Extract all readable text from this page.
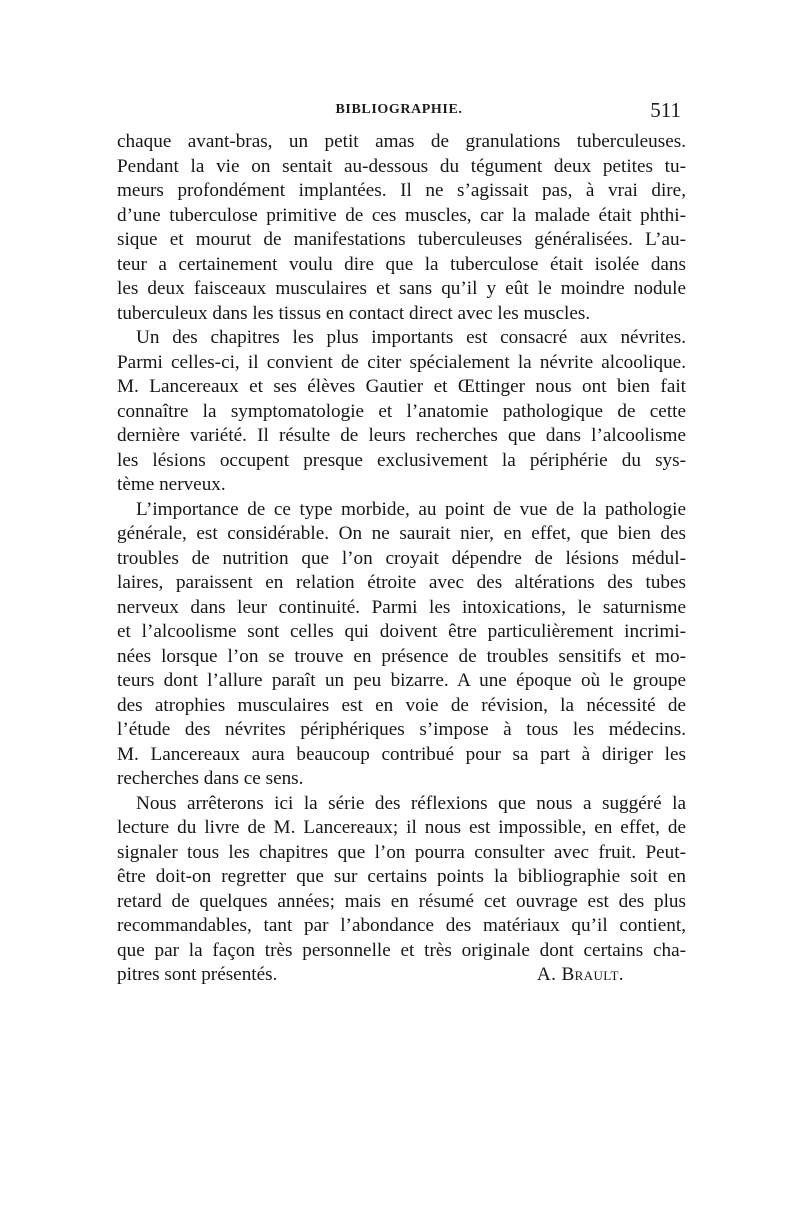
BIBLIOGRAPHIE.	511

chaque avant-bras, un petit amas de granulations tuberculeuses.

Pendant la vie on sentait au-dessous du tégument deux petites tu-

meurs profondément implantées. Il ne s’agissait pas, à vrai dire,

d’une tuberculose primitive de ces muscles, car la malade était phthi-

sique et mourut de manifestations tuberculeuses généralisées. L’au-

teur a certainement voulu dire que la tuberculose était isolée dans

les deux faisceaux musculaires et sans qu’il y eût le moindre nodule

tuberculeux dans les tissus en contact direct avec les muscles.

Un des chapitres les plus importants est consacré aux névrites.

Parmi celles-ci, il convient de citer spécialement la névrite alcoolique.

M. Lancereaux et ses élèves Gautier et Œttinger nous ont bien fait

connaître la symptomatologie et l’anatomie pathologique de cette

dernière variété. Il résulte de leurs recherches que dans l’alcoolisme

les lésions occupent presque exclusivement la périphérie du sys-

tème nerveux.

L’importance de ce type morbide, au point de vue de la pathologie

générale, est considérable. On ne saurait nier, en effet, que bien des

troubles de nutrition que l’on croyait dépendre de lésions médul-

laires, paraissent en relation étroite avec des altérations des tubes

nerveux dans leur continuité. Parmi les intoxications, le saturnisme

et l’alcoolisme sont celles qui doivent être particulièrement incrimi-

nées lorsque l’on se trouve en présence de troubles sensitifs et mo-

teurs dont l’allure paraît un peu bizarre. A une époque où le groupe

des atrophies musculaires est en voie de révision, la nécessité de

l’étude des névrites périphériques s’impose à tous les médecins.

M. Lancereaux aura beaucoup contribué pour sa part à diriger les

recherches dans ce sens.

Nous arrêterons ici la série des réflexions que nous a suggéré la

lecture du livre de M. Lancereaux; il nous est impossible, en effet, de

signaler tous les chapitres que l’on pourra consulter avec fruit. Peut-

être doit-on regretter que sur certains points la bibliographie soit en

retard de quelques années; mais en résumé cet ouvrage est des plus

recommandables, tant par l’abondance des matériaux qu’il contient,

que par la façon très personnelle et très originale dont certains cha-

pitres sont présentés.	A. Brault.
